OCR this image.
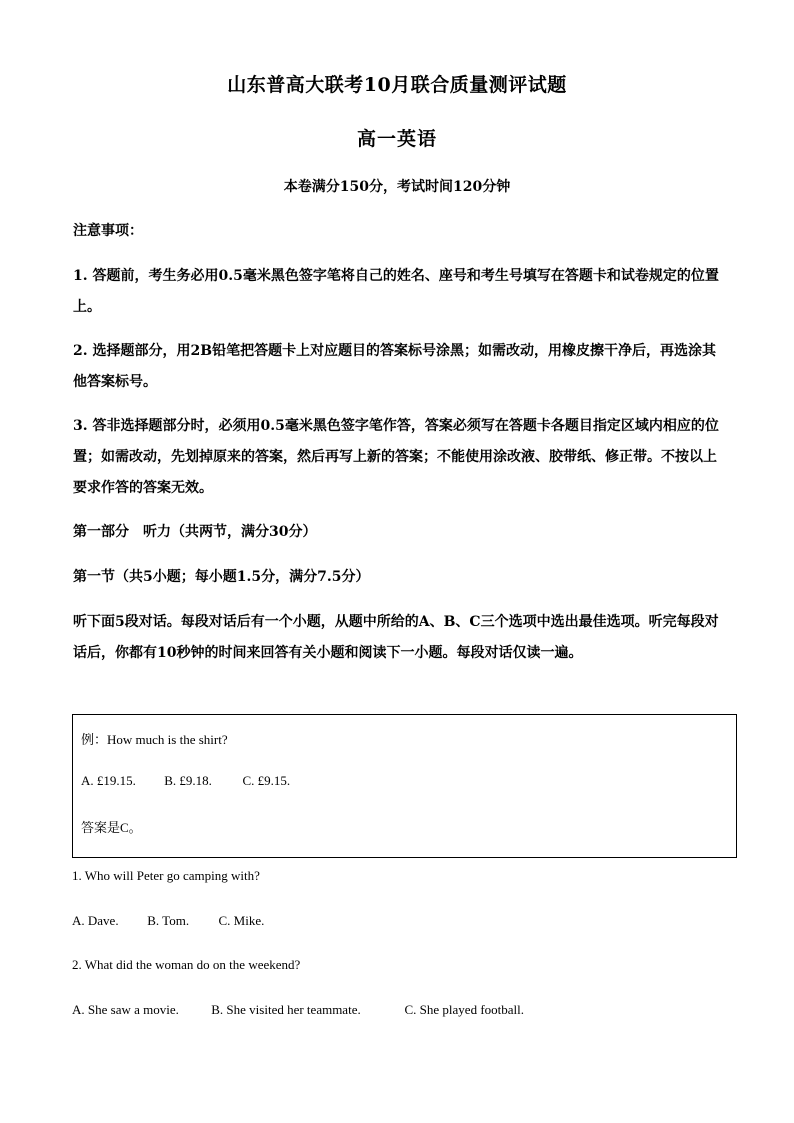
山东普高大联考10月联合质量测评试题
高一英语
本卷满分150分，考试时间120分钟
注意事项：
1. 答题前，考生务必用0.5毫米黑色签字笔将自己的姓名、座号和考生号填写在答题卡和试卷规定的位置上。
2. 选择题部分，用2B铅笔把答题卡上对应题目的答案标号涂黑；如需改动，用橡皮擦干净后，再选涂其他答案标号。
3. 答非选择题部分时，必须用0.5毫米黑色签字笔作答，答案必须写在答题卡各题目指定区域内相应的位置；如需改动，先划掉原来的答案，然后再写上新的答案；不能使用涂改液、胶带纸、修正带。不按以上要求作答的答案无效。
第一部分　听力（共两节，满分30分）
第一节（共5小题；每小题1.5分，满分7.5分）
听下面5段对话。每段对话后有一个小题，从题中所给的A、B、C三个选项中选出最佳选项。听完每段对话后，你都有10秒钟的时间来回答有关小题和阅读下一小题。每段对话仅读一遍。
例：How much is the shirt?
A. £19.15. B. £9.18. C. £9.15.
答案是C。
1. Who will Peter go camping with?
A. Dave. B. Tom. C. Mike.
2. What did the woman do on the weekend?
A. She saw a movie. B. She visited her teammate.	C. She played football.
